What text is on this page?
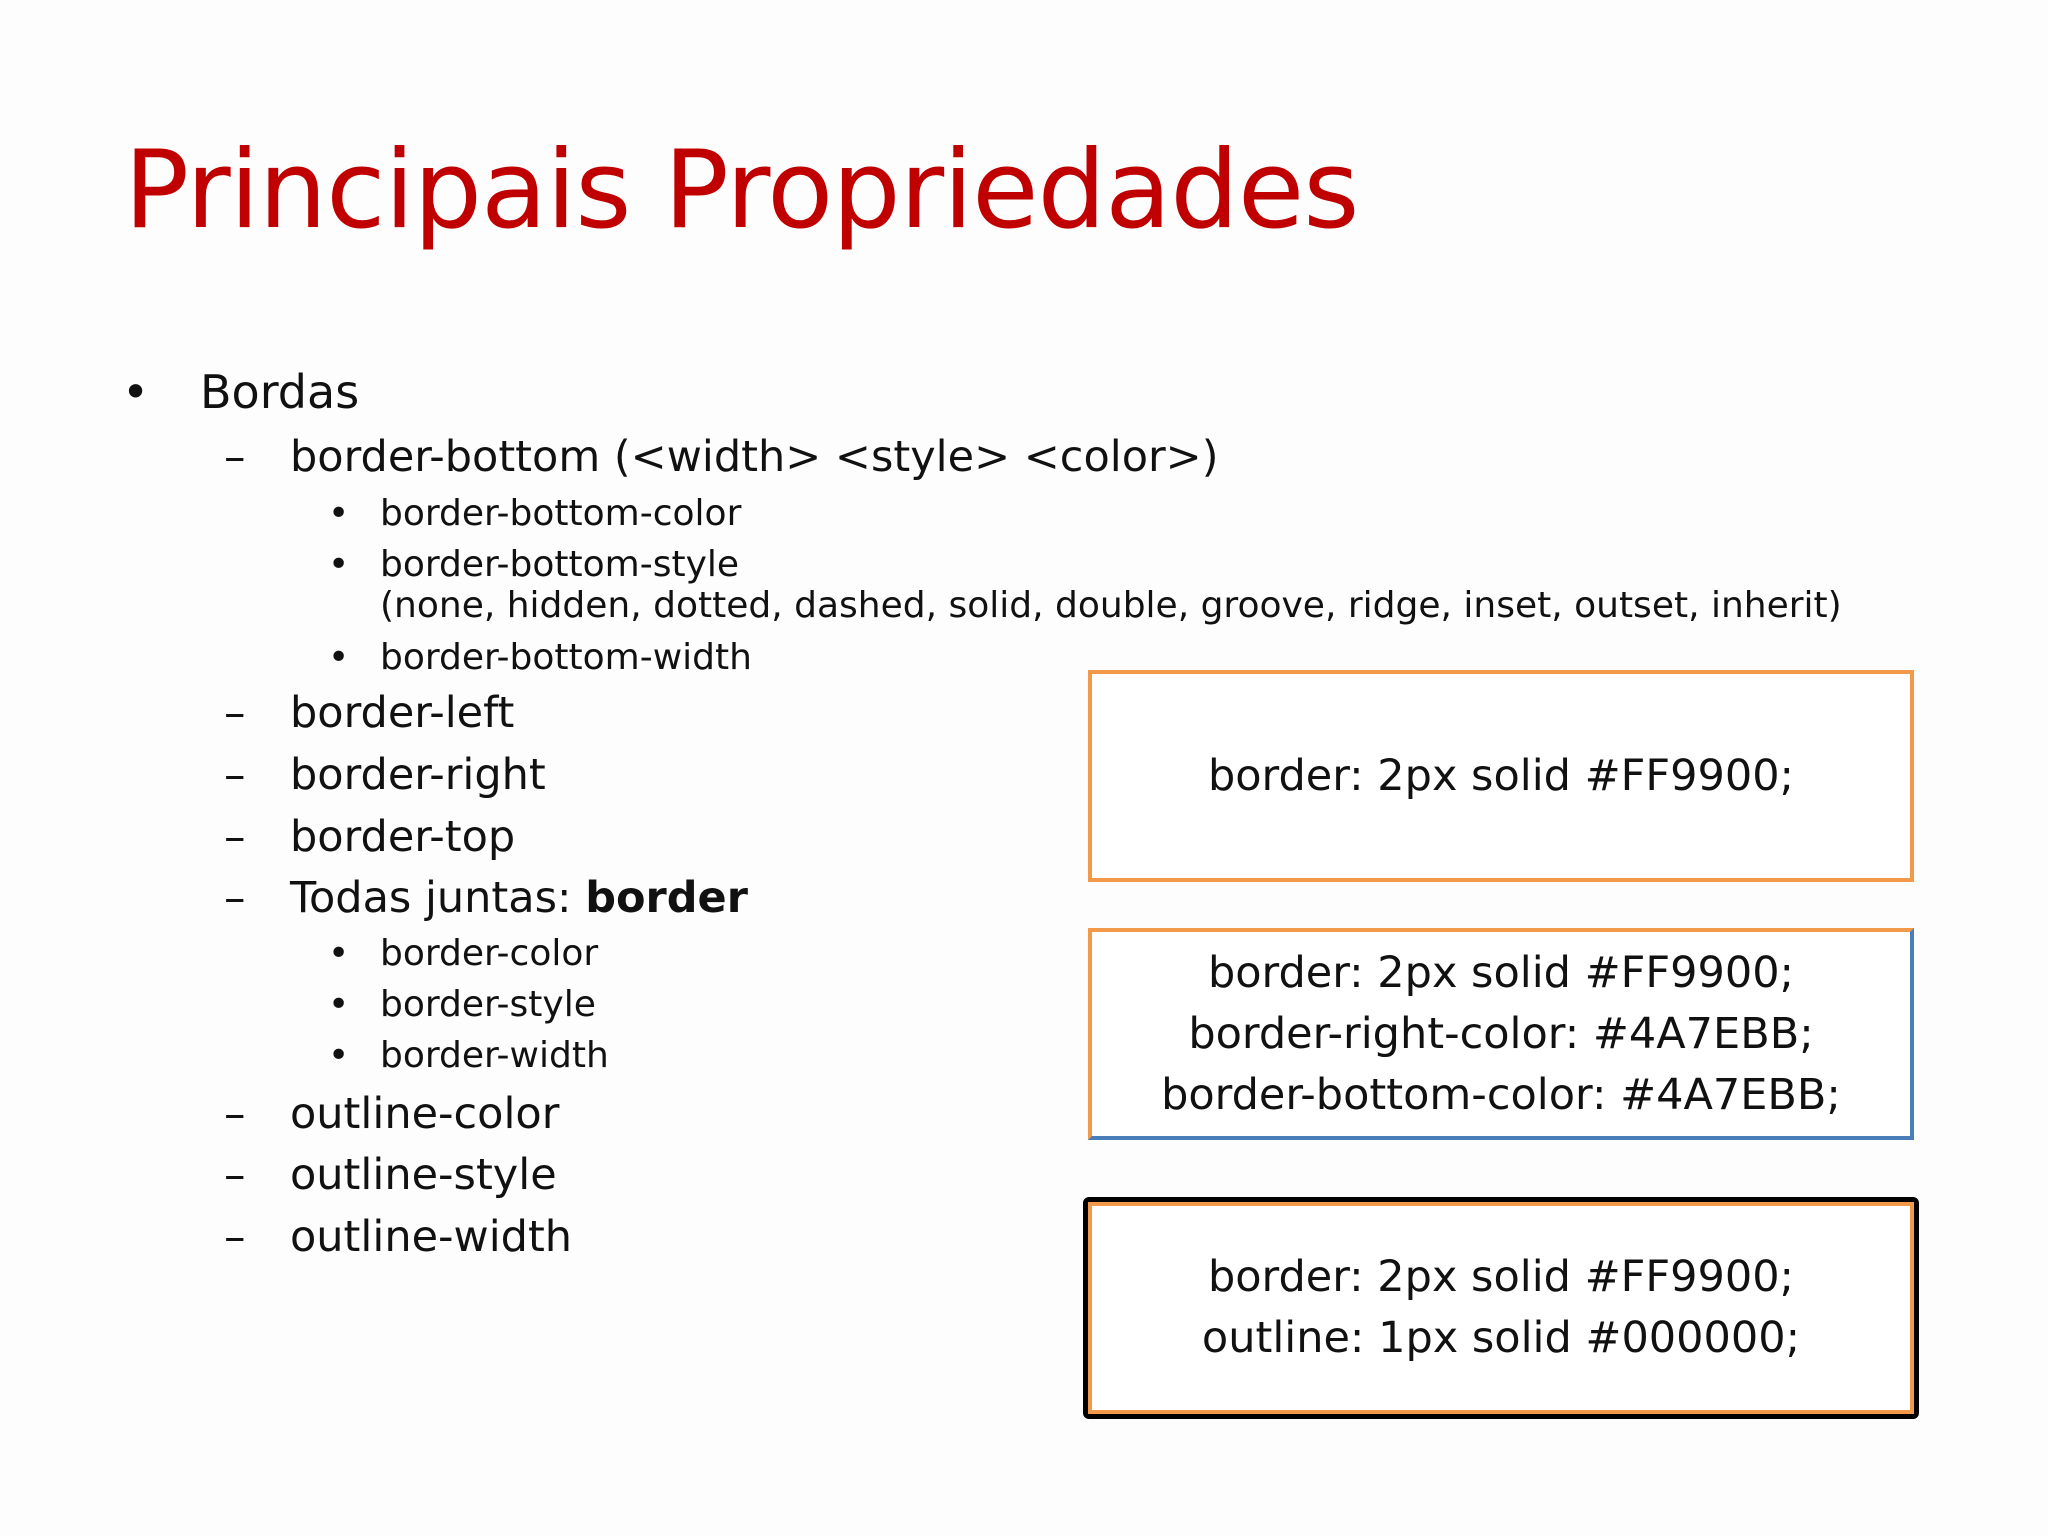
Principais Propriedades
• Bordas
– border-bottom (<width> <style> <color>)
• border-bottom-color
• border-bottom-style
(none, hidden, dotted, dashed, solid, double, groove, ridge, inset, outset, inherit)
• border-bottom-width
– border-left
– border-right
– border-top
– Todas juntas: border
• border-color
• border-style
• border-width
– outline-color
– outline-style
– outline-width
border: 2px solid #FF9900;
border: 2px solid #FF9900;
border-right-color: #4A7EBB;
border-bottom-color: #4A7EBB;
border: 2px solid #FF9900;
outline: 1px solid #000000;
